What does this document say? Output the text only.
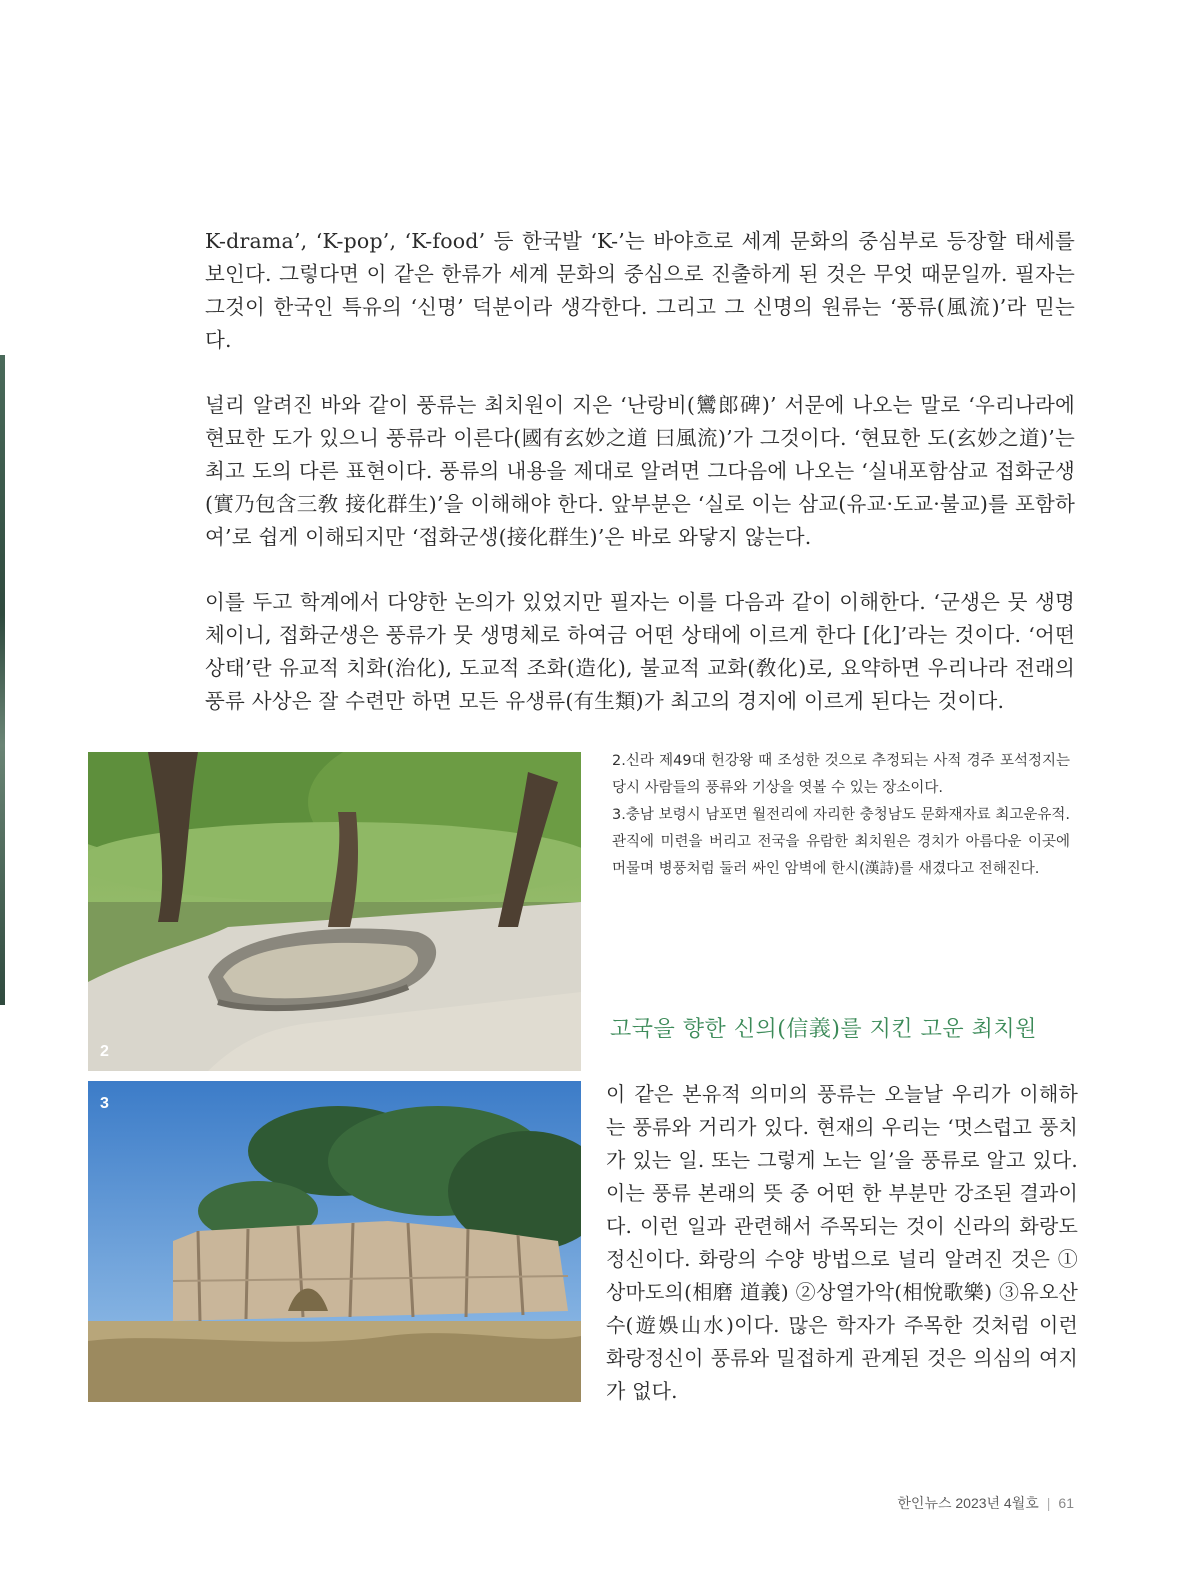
K-drama’, ‘K-pop’, ‘K-food’ 등 한국발 ‘K-’는 바야흐로 세계 문화의 중심부로 등장할 태세를 보인다. 그렇다면 이 같은 한류가 세계 문화의 중심으로 진출하게 된 것은 무엇 때문일까. 필자는 그것이 한국인 특유의 ‘신명’ 덕분이라 생각한다. 그리고 그 신명의 원류는 ‘풍류(風流)’라 믿는다.

널리 알려진 바와 같이 풍류는 최치원이 지은 ‘난랑비(鸞郎碑)’ 서문에 나오는 말로 ‘우리나라에 현묘한 도가 있으니 풍류라 이른다(國有玄妙之道 曰風流)’가 그것이다. ‘현묘한 도(玄妙之道)’는 최고 도의 다른 표현이다. 풍류의 내용을 제대로 알려면 그다음에 나오는 ‘실내포함삼교 접화군생(實乃包含三敎 接化群生)’을 이해해야 한다. 앞부분은 ‘실로 이는 삼교(유교·도교·불교)를 포함하여’로 쉽게 이해되지만 ‘접화군생(接化群生)’은 바로 와닿지 않는다.

이를 두고 학계에서 다양한 논의가 있었지만 필자는 이를 다음과 같이 이해한다. ‘군생은 뭇 생명체이니, 접화군생은 풍류가 뭇 생명체로 하여금 어떤 상태에 이르게 한다 [化]’라는 것이다. ‘어떤 상태’란 유교적 치화(治化), 도교적 조화(造化), 불교적 교화(敎化)로, 요약하면 우리나라 전래의 풍류 사상은 잘 수련만 하면 모든 유생류(有生類)가 최고의 경지에 이르게 된다는 것이다.

2
3

2.신라 제49대 헌강왕 때 조성한 것으로 추정되는 사적 경주 포석정지는 당시 사람들의 풍류와 기상을 엿볼 수 있는 장소이다.

3.충남 보령시 남포면 월전리에 자리한 충청남도 문화재자료 최고운유적. 관직에 미련을 버리고 전국을 유람한 최치원은 경치가 아름다운 이곳에 머물며 병풍처럼 둘러 싸인 암벽에 한시(漢詩)를 새겼다고 전해진다.

고국을 향한 신의(信義)를 지킨 고운 최치원

이 같은 본유적 의미의 풍류는 오늘날 우리가 이해하는 풍류와 거리가 있다. 현재의 우리는 ‘멋스럽고 풍치가 있는 일. 또는 그렇게 노는 일’을 풍류로 알고 있다. 이는 풍류 본래의 뜻 중 어떤 한 부분만 강조된 결과이다. 이런 일과 관련해서 주목되는 것이 신라의 화랑도 정신이다. 화랑의 수양 방법으로 널리 알려진 것은 ①상마도의(相磨 道義) ②상열가악(相悅歌樂) ③유오산수(遊娛山水)이다. 많은 학자가 주목한 것처럼 이런 화랑정신이 풍류와 밀접하게 관계된 것은 의심의 여지가 없다.

한인뉴스 2023년 4월호 | 61
